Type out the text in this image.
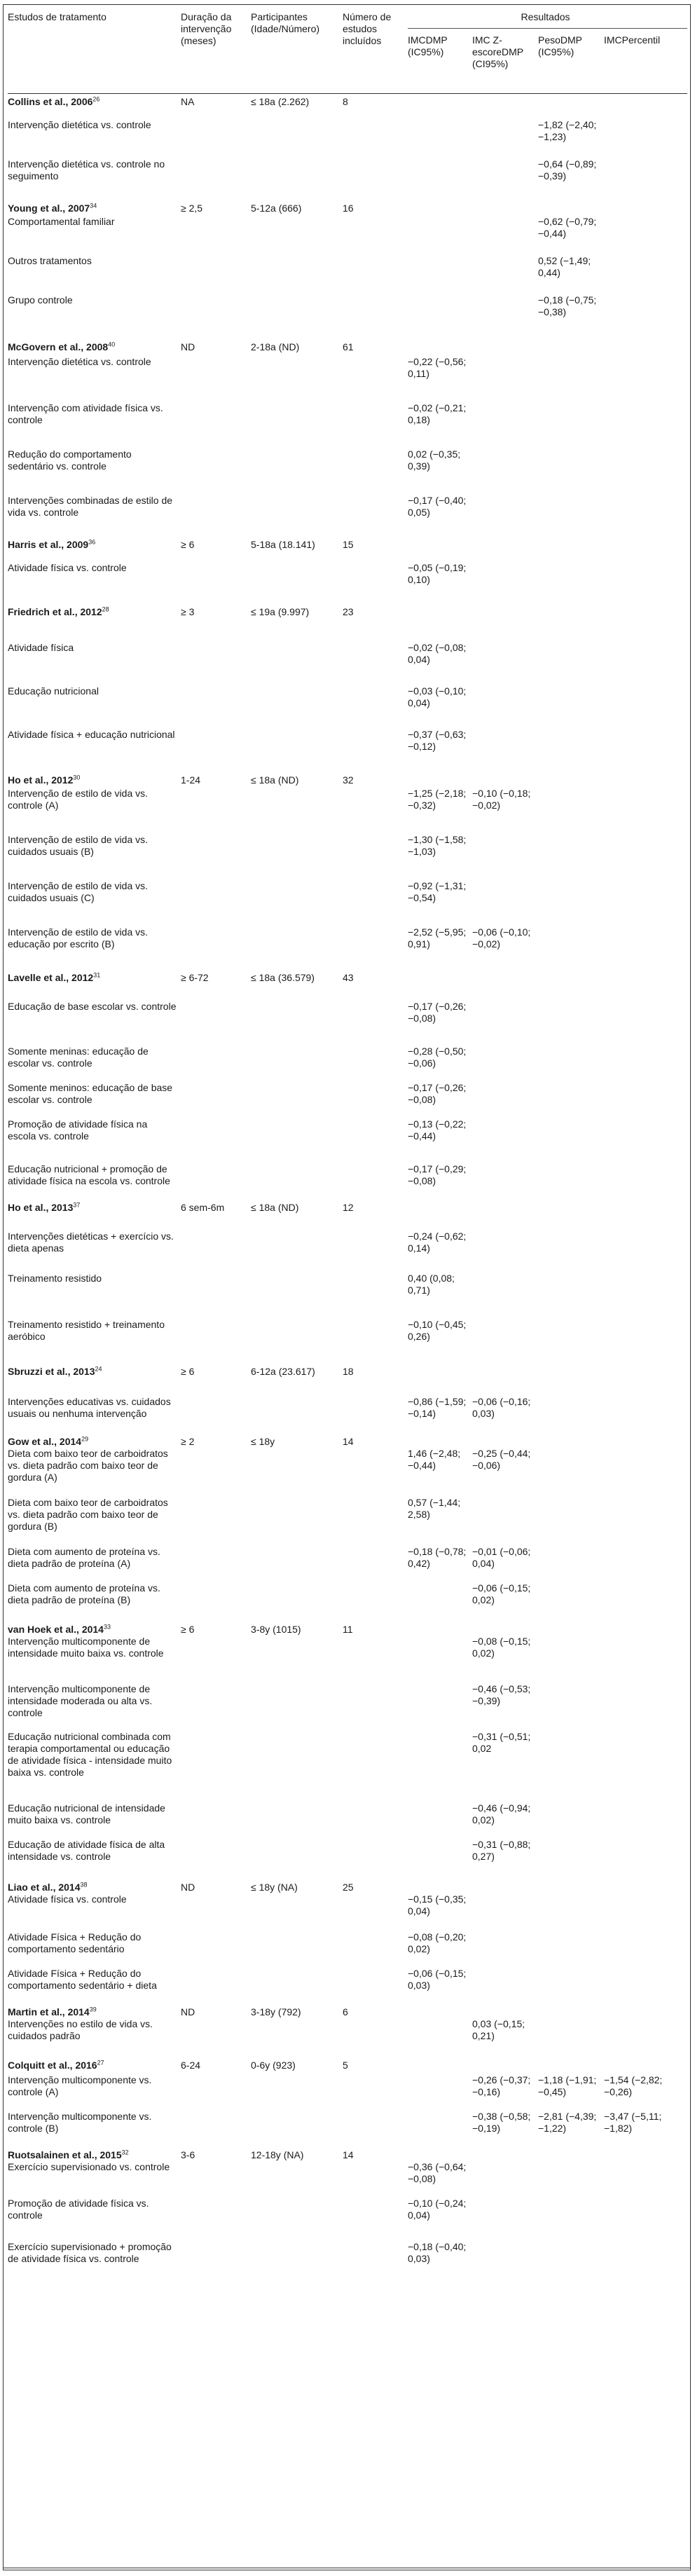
Estudos de tratamento	Duração da intervenção (meses)	Participantes (Idade/Número)	Número de estudos incluídos	Resultados			
				IMCDMP (IC95%)	IMC Z-escoreDMP (CI95%)	PesoDMP (IC95%)	IMCPercentil

Collins et al., 2006$^{26}$	NA	≤ 18a (2.262)	8				
Intervenção dietética vs. controle						−1,82 (−2,40; −1,23)	
Intervenção dietética vs. controle no seguimento						−0,64 (−0,89; −0,39)	
Young et al., $2007^{34}$	≥ 2,5	5-12a (666)	16				
Comportamental familiar						−0,62 (−0,79; −0,44)	
Outros tratamentos						0,52 (−1,49; 0,44)	
Grupo controle						−0,18 (−0,75; −0,38)	
McGovern et al., 2008$^{40}$	ND	2-18a (ND)	61				
Intervenção dietética vs. controle				−0,22 (−0,56; 0,11)			
Intervenção com atividade física vs. controle				−0,02 (−0,21; 0,18)			
Redução do comportamento sedentário vs. controle				0,02 (−0,35; 0,39)			
Intervenções combinadas de estilo de vida vs. controle				−0,17 (−0,40; 0,05)			
Harris et al., $2009^{36}$	≥ 6	5-18a (18.141)	15				
Atividade física vs. controle				−0,05 (−0,19; 0,10)			
Friedrich et al., $2012^{28}$	≥ 3	≤ 19a (9.997)	23				
Atividade física				−0,02 (−0,08; 0,04)			
Educação nutricional				−0,03 (−0,10; 0,04)			
Atividade física + educação nutricional				−0,37 (−0,63; −0,12)			
Ho et al., 2012$^{30}$	1-24	≤ 18a (ND)	32				
Intervenção de estilo de vida vs. controle (A)				−1,25 (−2,18; −0,32)	−0,10 (−0,18; −0,02)		
Intervenção de estilo de vida vs. cuidados usuais (B)				−1,30 (−1,58; −1,03)			
Intervenção de estilo de vida vs. cuidados usuais (C)				−0,92 (−1,31; −0,54)			
Intervenção de estilo de vida vs. educação por escrito (B)				−2,52 (−5,95; 0,91)	−0,06 (−0,10; −0,02)		
Lavelle et al., $2012^{31}$	≥ 6-72	≤ 18a (36.579)	43				
Educação de base escolar vs. controle				−0,17 (−0,26; −0,08)			
Somente meninas: educação de escolar vs. controle				−0,28 (−0,50; −0,06)			
Somente meninos: educação de base escolar vs. controle				−0,17 (−0,26; −0,08)			
Promoção de atividade física na escola vs. controle				−0,13 (−0,22; −0,44)			
Educação nutricional + promoção de atividade física na escola vs. controle				−0,17 (−0,29; −0,08)			
Ho et al., 2013$^{37}$	6 sem-6m	≤ 18a (ND)	12				
Intervenções dietéticas + exercício vs. dieta apenas				−0,24 (−0,62; 0,14)			
Treinamento resistido				0,40 (0,08; 0,71)			
Treinamento resistido + treinamento aeróbico				−0,10 (−0,45; 0,26)			
Sbruzzi et al., $2013^{24}$	≥ 6	6-12a (23.617)	18				
Intervenções educativas vs. cuidados usuais ou nenhuma intervenção				−0,86 (−1,59; −0,14)	−0,06 (−0,16; 0,03)		
Gow et al., $2014^{29}$	≥ 2	≤ 18y	14				
Dieta com baixo teor de carboidratos vs. dieta padrão com baixo teor de gordura (A)				1,46 (−2,48; −0,44)	−0,25 (−0,44; −0,06)		
Dieta com baixo teor de carboidratos vs. dieta padrão com baixo teor de gordura (B)				0,57 (−1,44; 2,58)			
Dieta com aumento de proteína vs. dieta padrão de proteína (A)				−0,18 (−0,78; 0,42)	−0,01 (−0,06; 0,04)		
Dieta com aumento de proteína vs. dieta padrão de proteína (B)					−0,06 (−0,15; 0,02)		
van Hoek et al., $2014^{33}$	≥ 6	3-8y (1015)	11				
Intervenção multicomponente de intensidade muito baixa vs. controle					−0,08 (−0,15; 0,02)		
Intervenção multicomponente de intensidade moderada ou alta vs. controle					−0,46 (−0,53; −0,39)		
Educação nutricional combinada com terapia comportamental ou educação de atividade física - intensidade muito baixa vs. controle					−0,31 (−0,51; 0,02		
Educação nutricional de intensidade muito baixa vs. controle					−0,46 (−0,94; 0,02)		
Educação de atividade física de alta intensidade vs. controle					−0,31 (−0,88; 0,27)		
Liao et al., 2014$^{38}$	ND	≤ 18y (NA)	25				
Atividade física vs. controle				−0,15 (−0,35; 0,04)			
Atividade Física + Redução do comportamento sedentário				−0,08 (−0,20; 0,02)			
Atividade Física + Redução do comportamento sedentário + dieta				−0,06 (−0,15; 0,03)			
Martin et al., 2014$^{39}$	ND	3-18y (792)	6				
Intervenções no estilo de vida vs. cuidados padrão					0,03 (−0,15; 0,21)		
Colquitt et al., 2016$^{27}$	6-24	0-6y (923)	5				
Intervenção multicomponente vs. controle (A)					−0,26 (−0,37; −0,16)	−1,18 (−1,91; −0,45)	−1,54 (−2,82; −0,26)
Intervenção multicomponente vs. controle (B)					−0,38 (−0,58; −0,19)	−2,81 (−4,39; −1,22)	−3,47 (−5,11; −1,82)
Ruotsalainen et al., 2015$^{32}$	3-6	12-18y (NA)	14				
Exercício supervisionado vs. controle				−0,36 (−0,64; −0,08)			
Promoção de atividade física vs. controle				−0,10 (−0,24; 0,04)			
Exercício supervisionado + promoção de atividade física vs. controle				−0,18 (−0,40; 0,03)			
